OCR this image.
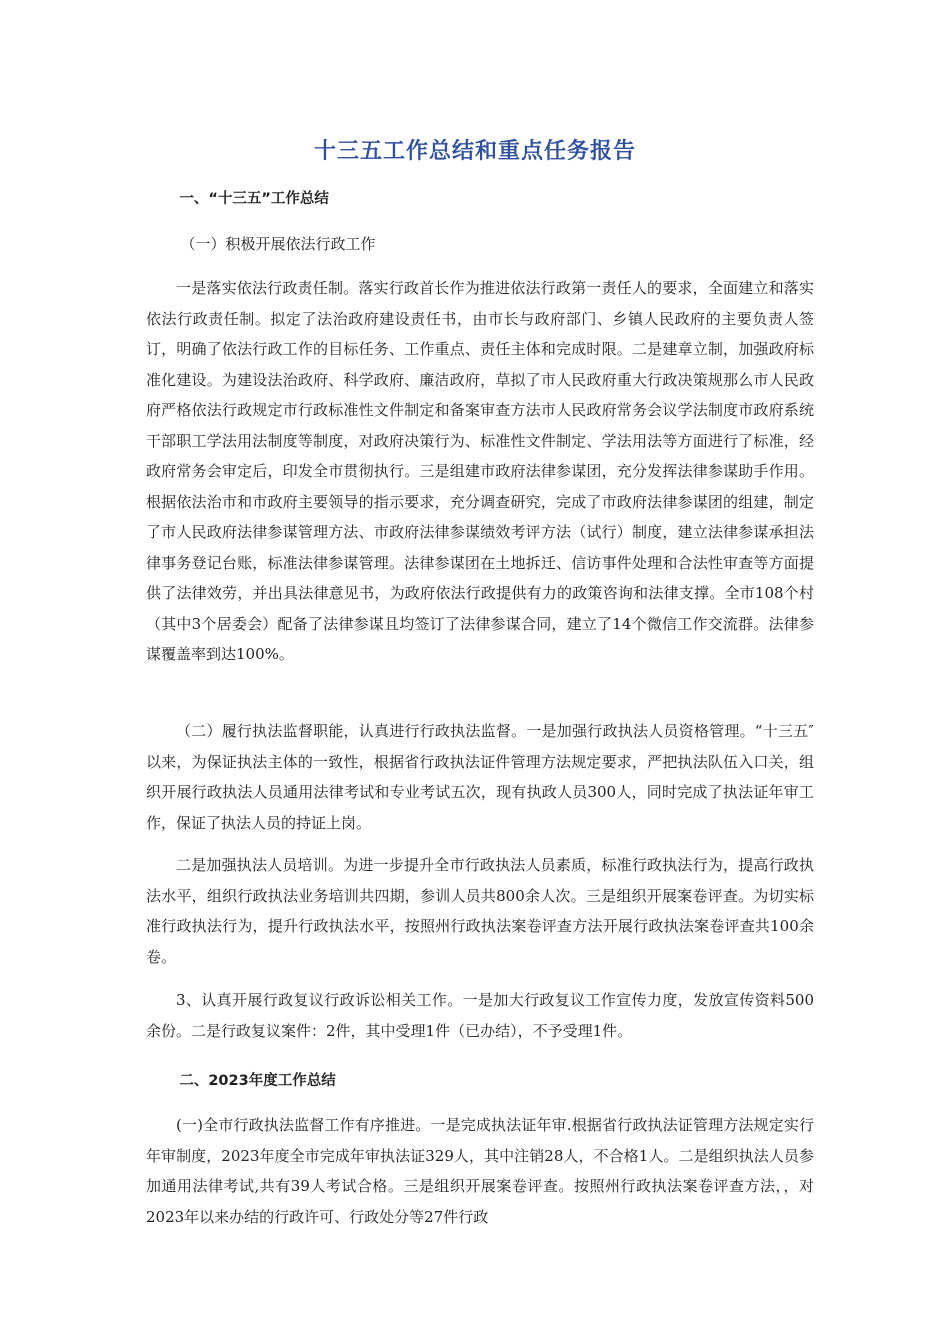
十三五工作总结和重点任务报告

一、“十三五”工作总结

（一）积极开展依法行政工作

一是落实依法行政责任制。落实行政首长作为推进依法行政第一责任人的要求，全面建立和落实依法行政责任制。拟定了法治政府建设责任书，由市长与政府部门、乡镇人民政府的主要负责人签订，明确了依法行政工作的目标任务、工作重点、责任主体和完成时限。二是建章立制，加强政府标准化建设。为建设法治政府、科学政府、廉洁政府，草拟了市人民政府重大行政决策规那么市人民政府严格依法行政规定市行政标准性文件制定和备案审查方法市人民政府常务会议学法制度市政府系统干部职工学法用法制度等制度，对政府决策行为、标准性文件制定、学法用法等方面进行了标准，经政府常务会审定后，印发全市贯彻执行。三是组建市政府法律参谋团，充分发挥法律参谋助手作用。根据依法治市和市政府主要领导的指示要求，充分调查研究，完成了市政府法律参谋团的组建，制定了市人民政府法律参谋管理方法、市政府法律参谋绩效考评方法（试行）制度，建立法律参谋承担法律事务登记台账，标准法律参谋管理。法律参谋团在土地拆迁、信访事件处理和合法性审查等方面提供了法律效劳，并出具法律意见书，为政府依法行政提供有力的政策咨询和法律支撑。全市108个村（其中3个居委会）配备了法律参谋且均签订了法律参谋合同，建立了14个微信工作交流群。法律参谋覆盖率到达100%。

（二）履行执法监督职能，认真进行行政执法监督。一是加强行政执法人员资格管理。“十三五″以来，为保证执法主体的一致性，根据省行政执法证件管理方法规定要求，严把执法队伍入口关，组织开展行政执法人员通用法律考试和专业考试五次，现有执政人员300人，同时完成了执法证年审工作，保证了执法人员的持证上岗。

二是加强执法人员培训。为进一步提升全市行政执法人员素质，标准行政执法行为，提高行政执法水平，组织行政执法业务培训共四期，参训人员共800余人次。三是组织开展案卷评查。为切实标准行政执法行为，提升行政执法水平，按照州行政执法案卷评查方法开展行政执法案卷评查共100余卷。

3、认真开展行政复议行政诉讼相关工作。一是加大行政复议工作宣传力度，发放宣传资料500余份。二是行政复议案件：2件，其中受理1件（已办结），不予受理1件。

二、2023年度工作总结

(一)全市行政执法监督工作有序推进。一是完成执法证年审.根据省行政执法证管理方法规定实行年审制度，2023年度全市完成年审执法证329人，其中注销28人，不合格1人。二是组织执法人员参加通用法律考试,共有39人考试合格。三是组织开展案卷评查。按照州行政执法案卷评查方法，，对2023年以来办结的行政许可、行政处分等27件行政
